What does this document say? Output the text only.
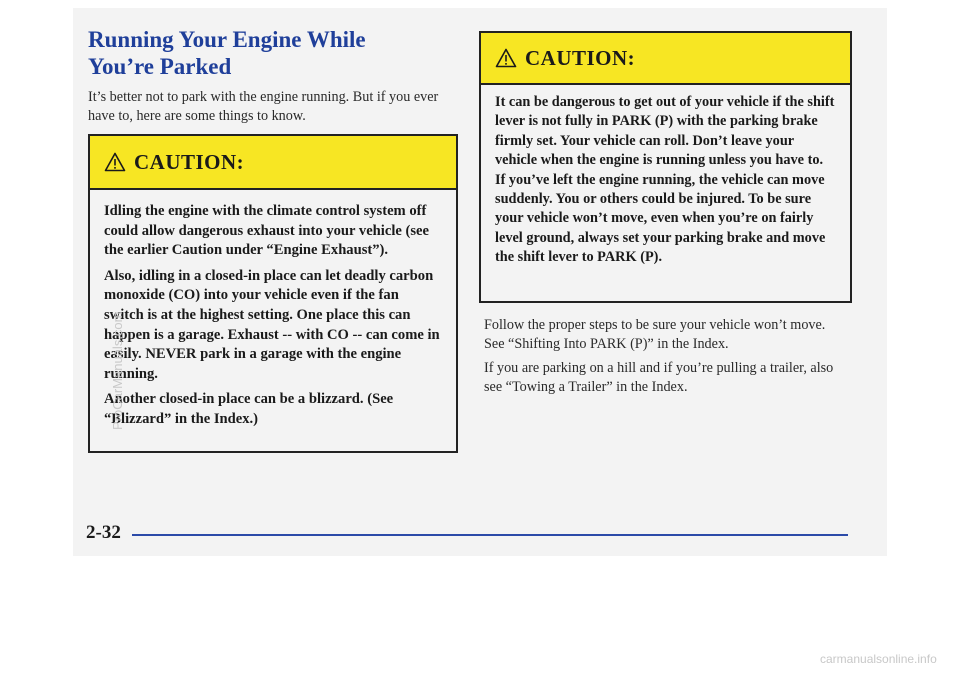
Running Your Engine While
You’re Parked

It’s better not to park with the engine running. But if you ever have to, here are some things to know.

CAUTION:

Idling the engine with the climate control system off could allow dangerous exhaust into your vehicle (see the earlier Caution under “Engine Exhaust”).

Also, idling in a closed-in place can let deadly carbon monoxide (CO) into your vehicle even if the fan switch is at the highest setting. One place this can happen is a garage. Exhaust -- with CO -- can come in easily. NEVER park in a garage with the engine running.

Another closed-in place can be a blizzard. (See “Blizzard” in the Index.)

CAUTION:

It can be dangerous to get out of your vehicle if the shift lever is not fully in PARK (P) with the parking brake firmly set. Your vehicle can roll. Don’t leave your vehicle when the engine is running unless you have to. If you’ve left the engine running, the vehicle can move suddenly. You or others could be injured. To be sure your vehicle won’t move, even when you’re on fairly level ground, always set your parking brake and move the shift lever to PARK (P).

Follow the proper steps to be sure your vehicle won’t move. See “Shifting Into PARK (P)” in the Index.

If you are parking on a hill and if you’re pulling a trailer, also see “Towing a Trailer” in the Index.

2-32

ProCarManuals.com

carmanualsonline.info
